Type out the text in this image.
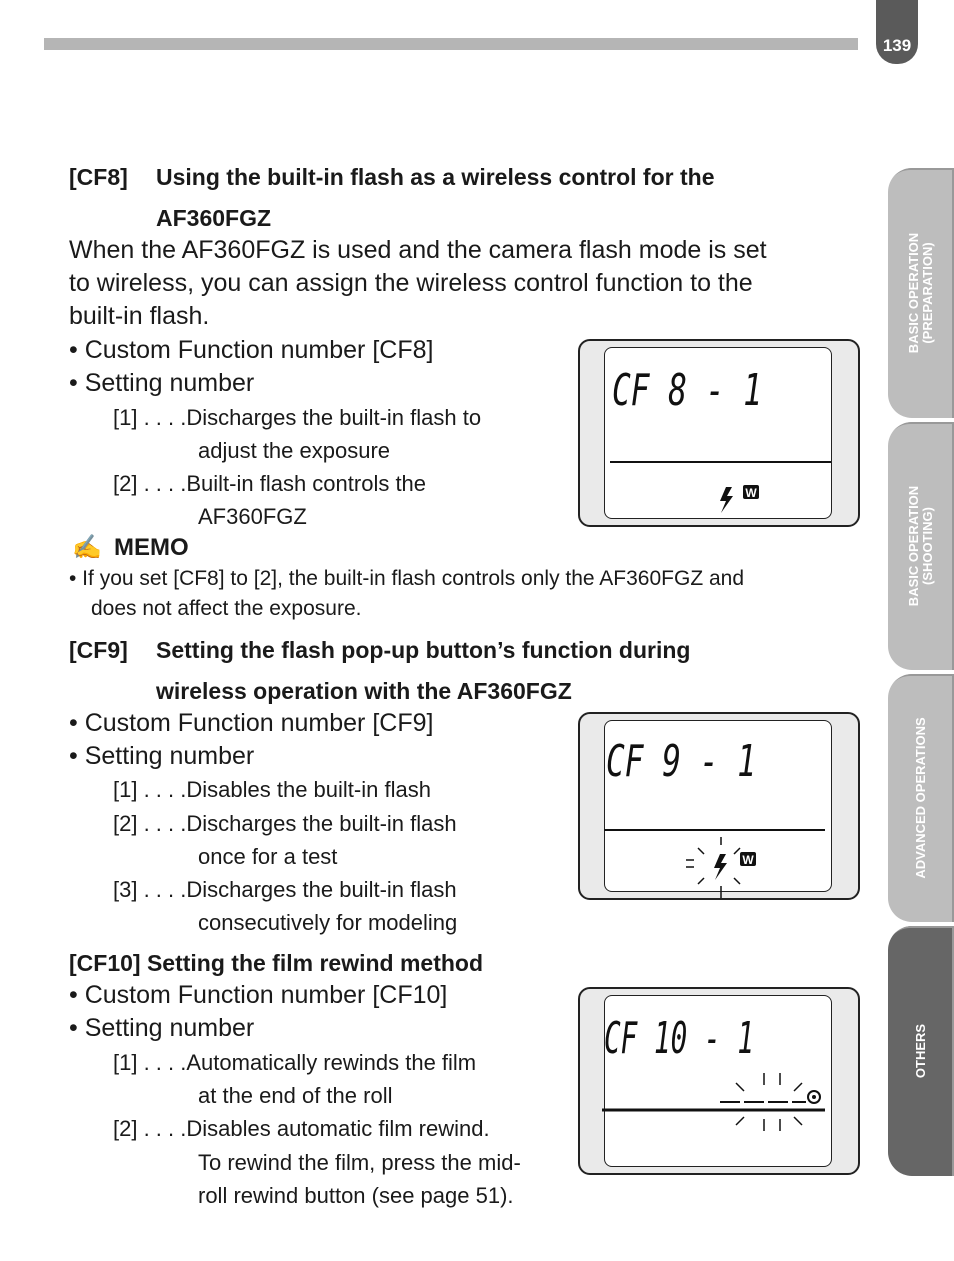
139
BASIC OPERATION
(PREPARATION)
BASIC OPERATION
(SHOOTING)
ADVANCED OPERATIONS
OTHERS
[CF8] Using the built-in flash as a wireless control for the
AF360FGZ
When the AF360FGZ is used and the camera flash mode is set
to wireless, you can assign the wireless control function to the
built-in flash.
• Custom Function number [CF8]
• Setting number
[1] . . . .Discharges the built-in flash to
adjust the exposure
[2] . . . .Built-in flash controls the
AF360FGZ
CF 8 - 1
W
✍ MEMO
• If you set [CF8] to [2], the built-in flash controls only the AF360FGZ and
does not affect the exposure.
[CF9] Setting the flash pop-up button’s function during
wireless operation with the AF360FGZ
• Custom Function number [CF9]
• Setting number
[1] . . . .Disables the built-in flash
[2] . . . .Discharges the built-in flash
once for a test
[3] . . . .Discharges the built-in flash
consecutively for modeling
CF 9 - 1
W
[CF10] Setting the film rewind method
• Custom Function number [CF10]
• Setting number
[1] . . . .Automatically rewinds the film
at the end of the roll
[2] . . . .Disables automatic film rewind.
To rewind the film, press the mid-
roll rewind button (see page 51).
CF 10 - 1
